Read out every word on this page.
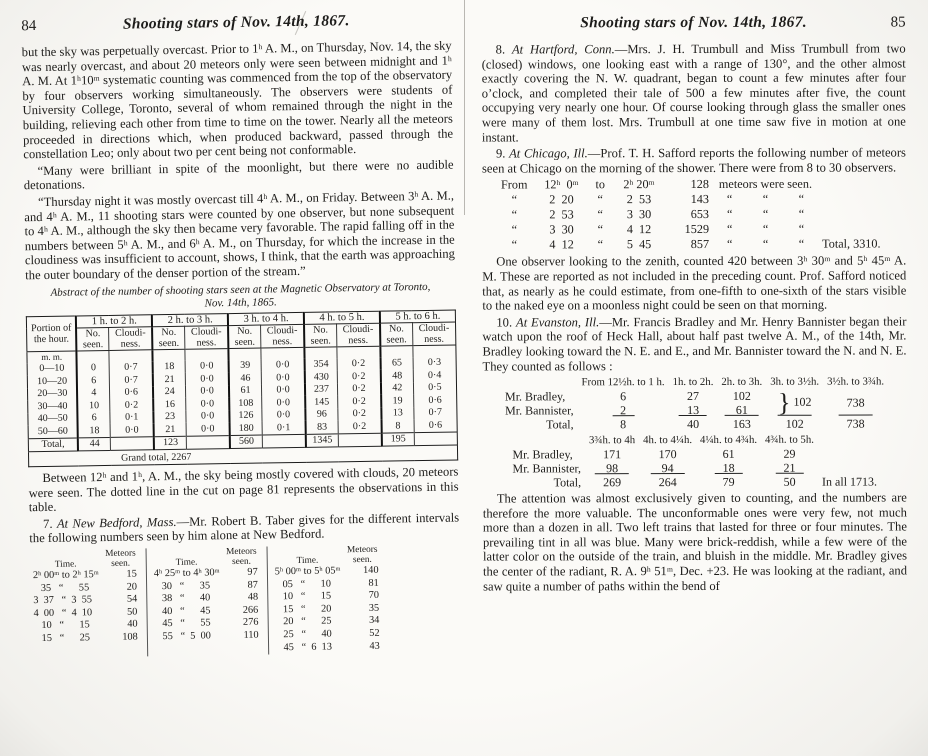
84	Shooting stars of Nov. 14th, 1867.

but the sky was perpetually overcast. Prior to 1ʰ A. M., on Thursday, Nov. 14, the sky was nearly overcast, and about 20 meteors only were seen between midnight and 1ʰ A. M. At 1ʰ10ᵐ systematic counting was commenced from the top of the observatory by four observers working simultaneously. The observers were students of University College, Toronto, several of whom remained through the night in the building, relieving each other from time to time on the tower. Nearly all the meteors proceeded in directions which, when produced backward, passed through the constellation Leo; only about two per cent being not conformable.

“Many were brilliant in spite of the moonlight, but there were no audible detonations.

“Thursday night it was mostly overcast till 4ʰ A. M., on Friday. Between 3ʰ A. M., and 4ʰ A. M., 11 shooting stars were counted by one observer, but none subsequent to 4ʰ A. M., although the sky then became very favorable. The rapid falling off in the numbers between 5ʰ A. M., and 6ʰ A. M., on Thursday, for which the increase in the cloudiness was insufficient to account, shows, I think, that the earth was approaching the outer boundary of the denser portion of the stream.”

Abstract of the number of shooting stars seen at the Magnetic Observatory at Toronto,
Nov. 14th, 1865.
Portion of the hour.	1 h. to 2 h.		2 h. to 3 h.		3 h. to 4 h.		4 h. to 5 h.		5 h. to 6 h.	
	No. seen.	Cloudi-ness.	No. seen.	Cloudi-ness.	No. seen.	Cloudi-ness.	No. seen.	Cloudi-ness.	No. seen.	Cloudi-ness.
m. m.										
0—10	0	0·7	18	0·0	39	0·0	354	0·2	65	0·3
10—20	6	0·7	21	0·0	46	0·0	430	0·2	48	0·4
20—30	4	0·6	24	0·0	61	0·0	237	0·2	42	0·5
30—40	10	0·2	16	0·0	108	0·0	145	0·2	19	0·6
40—50	6	0·1	23	0·0	126	0·0	96	0·2	13	0·7
50—60	18	0·0	21	0·0	180	0·1	83	0·2	8	0·6
Total,	44		123		560		1345		195	
Grand total, 2267										

Between 12ʰ and 1ʰ, A. M., the sky being mostly covered with clouds, 20 meteors were seen. The dotted line in the cut on page 81 represents the observations in this table.

7. At New Bedford, Mass.—Mr. Robert B. Taber gives for the different intervals the following numbers seen by him alone at New Bedford.

Time.	Meteors seen.
2ʰ 00ᵐ to 2ʰ 15ᵐ	15
35   “      55	20
3  37   “  3  55	54
4  00   “  4  10	50
10   “      15	40
15   “      25	108
Time.	Meteors seen.
4ʰ 25ᵐ to 4ʰ 30ᵐ	97
30   “      35	87
38   “      40	48
40   “      45	266
45   “      55	276
55   “  5  00	110
Time.	Meteors seen.
5ʰ 00ᵐ to 5ʰ 05ᵐ	140
05   “      10	81
10   “      15	70
15   “      20	35
20   “      25	34
25   “      40	52
45   “  6  13	43
Shooting stars of Nov. 14th, 1867.	85

8. At Hartford, Conn.—Mrs. J. H. Trumbull and Miss Trumbull from two (closed) windows, one looking east with a range of 130°, and the other almost exactly covering the N. W. quadrant, began to count a few minutes after four o’clock, and completed their tale of 500 a few minutes after five, the count occupying very nearly one hour. Of course looking through glass the smaller ones were many of them lost. Mrs. Trumbull at one time saw five in motion at one instant.

9. At Chicago, Ill.—Prof. T. H. Safford reports the following number of meteors seen at Chicago on the morning of the shower. There were from 8 to 30 observers.

From	12ʰ  0ᵐ	to	2ʰ 20ᵐ	128	meteors were seen.	
“	2  20	“	2  53	143	“          “          “	
“	2  53	“	3  30	653	“          “          “	
“	3  30	“	4  12	1529	“          “          “	
“	4  12	“	5  45	857	“          “          “	Total, 3310.

One observer looking to the zenith, counted 420 between 3ʰ 30ᵐ and 5ʰ 45ᵐ A. M. These are reported as not included in the preceding count. Prof. Safford noticed that, as nearly as he could estimate, from one-fifth to one-sixth of the stars visible to the naked eye on a moonless night could be seen on that morning.

10. At Evanston, Ill.—Mr. Francis Bradley and Mr. Henry Bannister began their watch upon the roof of Heck Hall, about half past twelve A. M., of the 14th, Mr. Bradley looking toward the N. E. and E., and Mr. Bannister toward the N. and N. E. They counted as follows :

	From 12½h. to 1 h.	1h. to 2h.	2h. to 3h.	3h. to 3½h.	3½h. to 3¾h.
Mr. Bradley,	6	27	102	} 102	738
Mr. Bannister,	2	13	61		
Total,	8	40	163	102	738
	3¾h. to 4h	4h. to 4¼h.	4¼h. to 4¾h.	4¾h. to 5h.	
Mr. Bradley,	171	170	61	29	
Mr. Bannister,	98	94	18	21	
Total,	269	264	79	50	In all 1713.

The attention was almost exclusively given to counting, and the numbers are therefore the more valuable. The unconformable ones were very few, not much more than a dozen in all. Two left trains that lasted for three or four minutes. The prevailing tint in all was blue. Many were brick-reddish, while a few were of the latter color on the outside of the train, and bluish in the middle. Mr. Bradley gives the center of the radiant, R. A. 9ʰ 51ᵐ, Dec. +23. He was looking at the radiant, and saw quite a number of paths within the bend of
